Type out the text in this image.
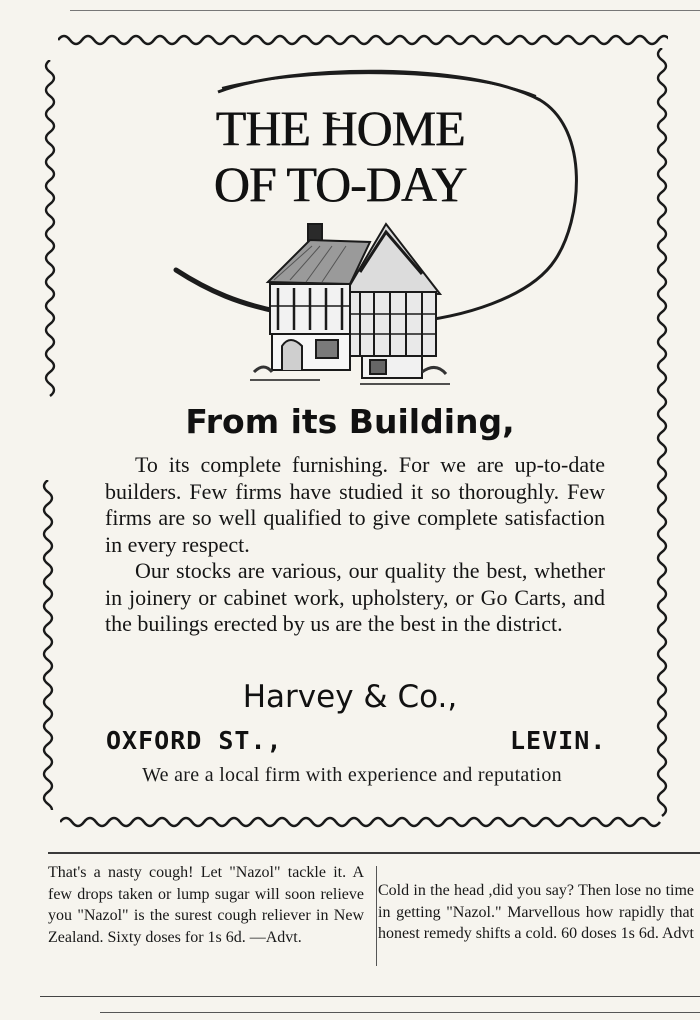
THE HOME
OF TO-DAY
From its Building,

To its complete furnishing. For we are up-to-date builders. Few firms have studied it so thoroughly. Few firms are so well qualified to give complete satisfaction in every respect.

Our stocks are various, our quality the best, whether in joinery or cabinet work, upholstery, or Go Carts, and the builings erected by us are the best in the district.

Harvey & Co.,
OXFORD ST.,	LEVIN.
We are a local firm with experience and reputation

That's a nasty cough! Let "Nazol" tackle it. A few drops taken or lump sugar will soon relieve you "Nazol" is the surest cough reliever in New Zealand. Sixty doses for 1s 6d. —Advt.

Cold in the head ,did you say? Then lose no time in getting "Nazol." Marvellous how rapidly that honest remedy shifts a cold. 60 doses 1s 6d. Advt
